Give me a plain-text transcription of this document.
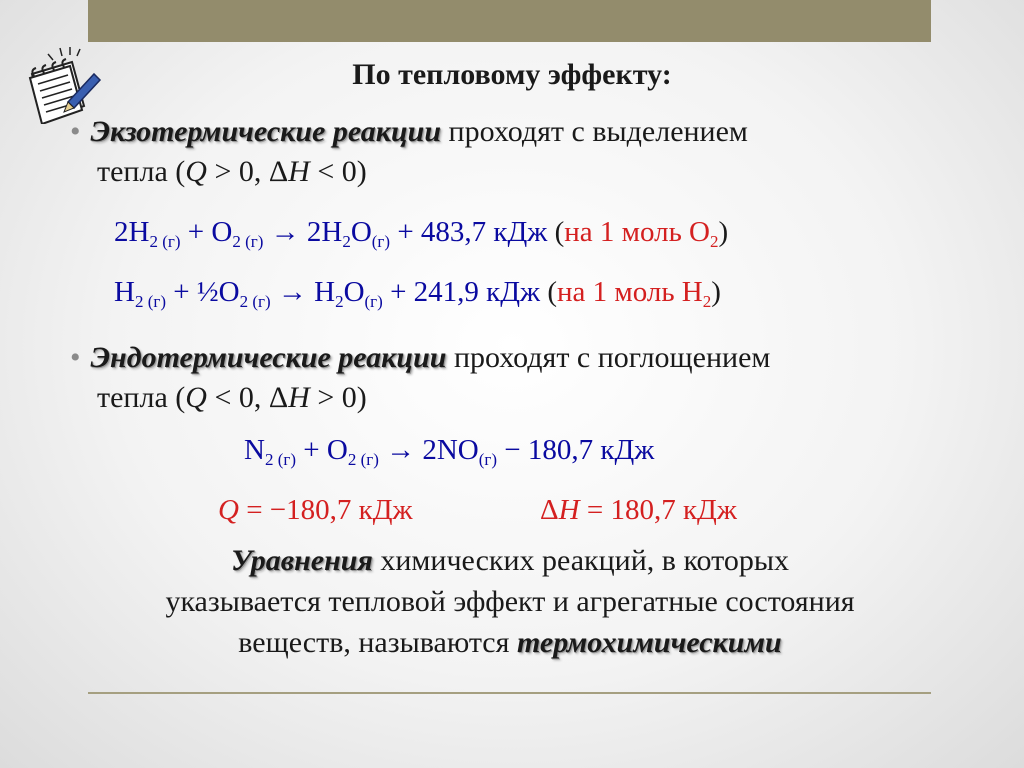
По тепловому эффекту:
• Экзотермические реакции проходят с выделением
тепла (Q > 0, ΔH < 0)
$2H_{2 (г)} + O_{2 (г)} \to 2H_2O_{(г)} + 483,7$ кДж (на 1 моль $O_2$)
$H_{2 (г)}$ + $\frac{1}{2}O_{2 (г)} \to H_2O_{(г)} + 241,9$ кДж (на 1 моль $H_2$)
• Эндотермические реакции проходят с поглощением
тепла (Q < 0, ΔH > 0)
$N_{2 (г)} + O_{2 (г)} \to 2NO_{(г)} - 180,7$ кДж
Q = −180,7 кДж	ΔH = 180,7 кДж
Уравнения химических реакций, в которых
указывается тепловой эффект и агрегатные состояния
веществ, называются термохимическими
